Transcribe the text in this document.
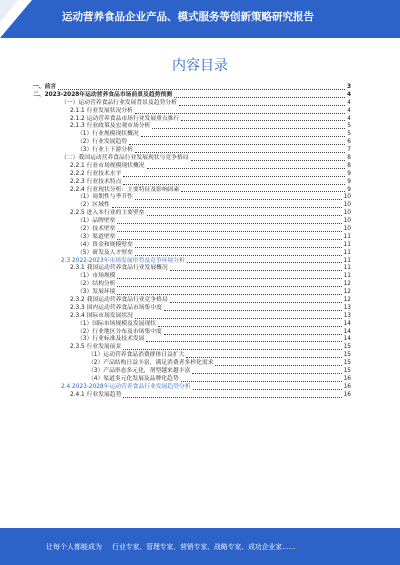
运动营养食品企业产品、模式服务等创新策略研究报告
内容目录
一、前言	3
二、2023-2028年运动营养食品市场前景及趋势预测	4
（一）运动营养食品行业发展背景及趋势分析	4
2.1.1 行业发展状况分析	4
2.1.2 运动营养食品市场行业发展重点推行	4
2.1.3 行业政策及宏观市场分析	5
（1）行业规模现状概况	5
（2）行业发展趋势	6
（3）行业上下游分析	7
（二）我国运动营养食品行业发展现状与竞争格局	8
2.2.1 行业市场规模现状概况	8
2.2.2 行业技术水平	9
2.2.3 行业技术特点	9
2.2.4 行业现状分析：主要特征及影响因素	9
（1）周期性与季节性	10
（2）区域性	10
2.2.5 进入本行业的主要壁垒	10
（1）品牌壁垒	10
（2）技术壁垒	10
（3）渠道壁垒	11
（4）资金和规模壁垒	11
（5）研发及人才壁垒	11
2.3 2022-2023年市场发展形势及竞争环境分析	11
2.3.1 我国运动营养食品行业发展概况	11
（1）市场规模	11
（2）结构分析	12
（3）发展环境	12
2.3.2 我国运动营养食品行业竞争格局	12
2.3.3 国内运动营养食品市场集中度	13
2.3.4 国际市场发展状况	13
（1）国际市场规模及发展现状	14
（2）行业地区分布及市场集中度	14
（3）行业标准及技术发展	14
2.3.5 行业发展前景	15
（1）运动营养食品消费群体日益扩大	15
（2）产品结构日益丰富，满足消费者多样化需求	15
（3）产品形态多元化，剂型越来越丰富	15
（4）渠道多元化发展及品牌化趋势	16
2.4 2023-2028年运动营养食品行业发展趋势分析	16
2.4.1 行业发展趋势	16
让每个人都能成为 行业专家、管理专家、营销专家、战略专家、成功企业家……
